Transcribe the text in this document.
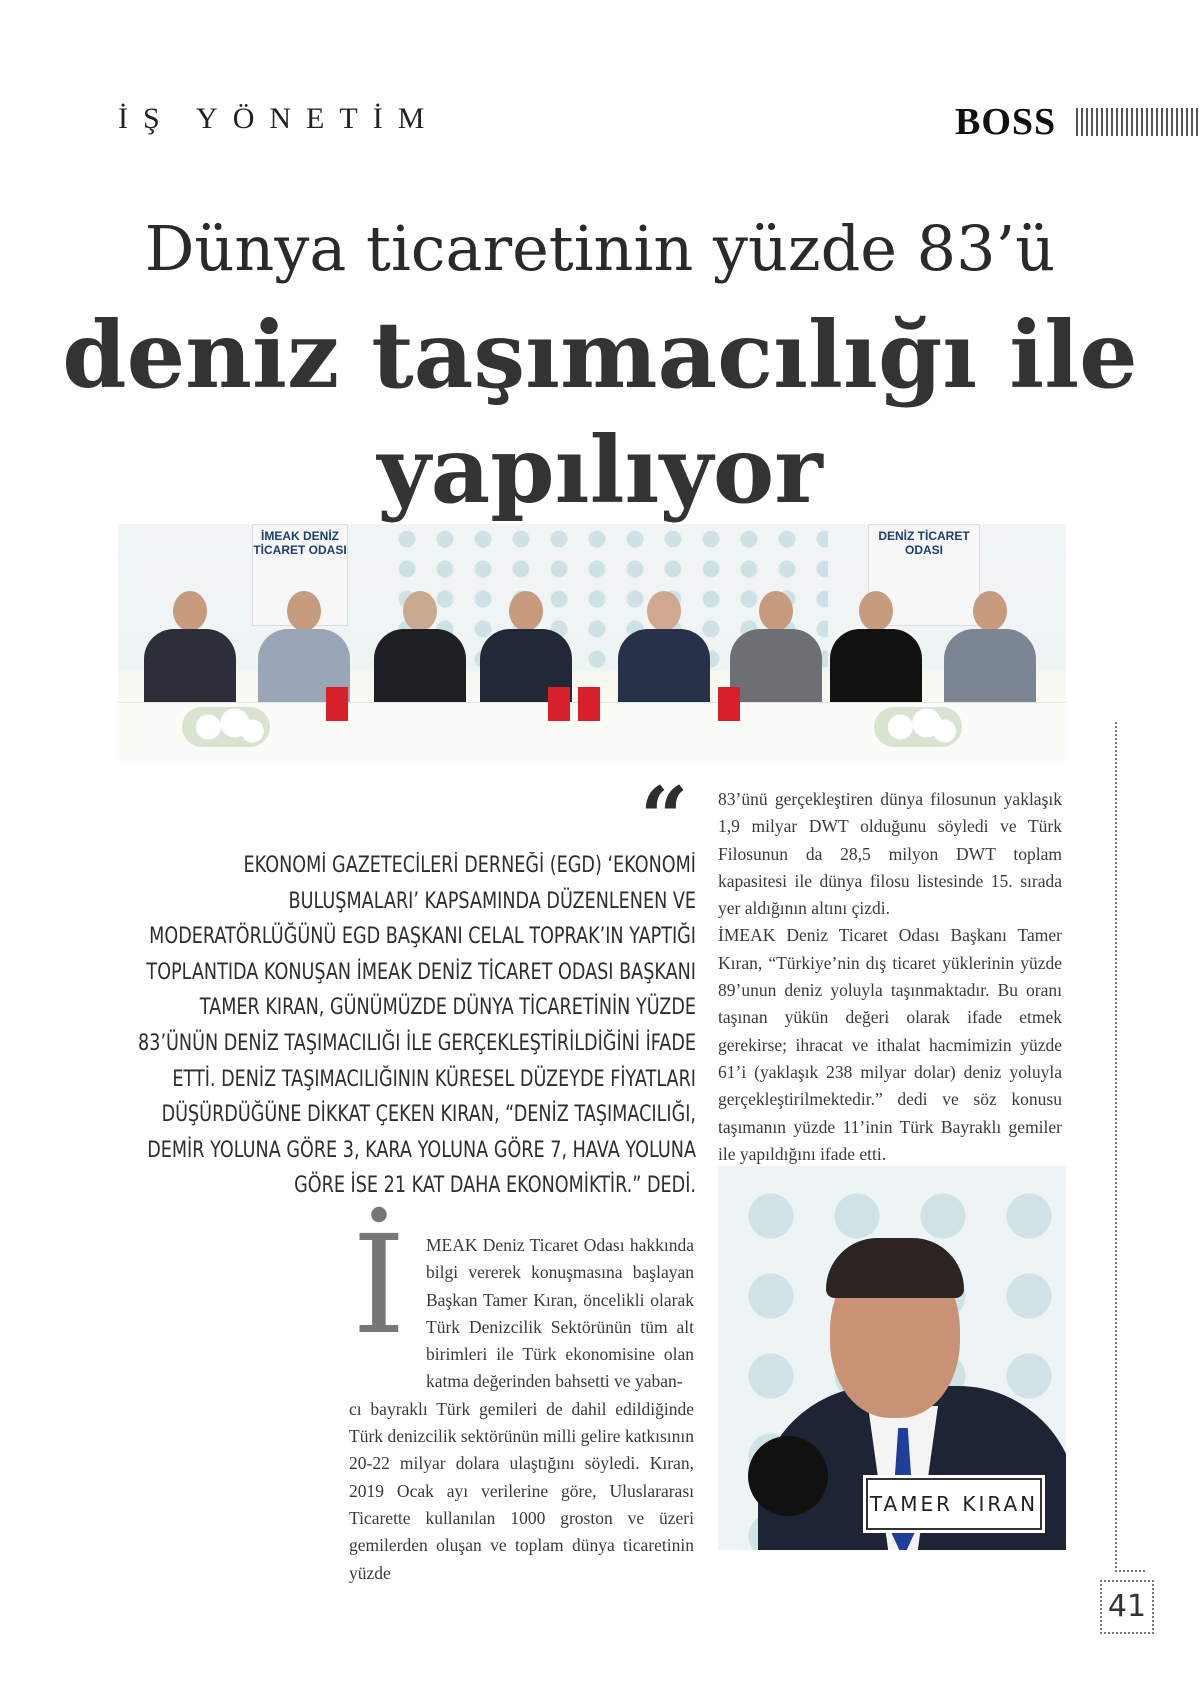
İŞ YÖNETİM	BOSS
Dünya ticaretinin yüzde 83’ü
deniz taşımacılığı ile
yapılıyor
İMEAK DENİZ TİCARET ODASI
DENİZ TİCARET ODASI
“
EKONOMİ GAZETECİLERİ DERNEĞİ (EGD) ‘EKONOMİ BULUŞMALARI’ KAPSAMINDA DÜZENLENEN VE MODERATÖRLÜĞÜNÜ EGD BAŞKANI CELAL TOPRAK’IN YAPTIĞI TOPLANTIDA KONUŞAN İMEAK DENİZ TİCARET ODASI BAŞKANI TAMER KIRAN, GÜNÜMÜZDE DÜNYA TİCARETİNİN YÜZDE 83’ÜNÜN DENİZ TAŞIMACILIĞI İLE GERÇEKLEŞTİRİLDİĞİNİ İFADE ETTİ. DENİZ TAŞIMACILIĞININ KÜRESEL DÜZEYDE FİYATLARI DÜŞÜRDÜĞÜNE DİKKAT ÇEKEN KIRAN, “DENİZ TAŞIMACILIĞI, DEMİR YOLUNA GÖRE 3, KARA YOLUNA GÖRE 7, HAVA YOLUNA GÖRE İSE 21 KAT DAHA EKONOMİKTİR.” DEDİ.
İ	MEAK Deniz Ticaret Odası hakkında bilgi vererek konuşmasına başlayan Başkan Tamer Kıran, öncelikli olarak Türk Denizcilik Sektörünün tüm alt birimleri ile Türk ekonomisine olan katma değerinden bahsetti ve yaban-
cı bayraklı Türk gemileri de dahil edildiğinde Türk denizcilik sektörünün milli gelire katkısının 20-22 milyar dolara ulaştığını söyledi. Kıran, 2019 Ocak ayı verilerine göre, Uluslararası Ticarette kullanılan 1000 groston ve üzeri gemilerden oluşan ve toplam dünya ticaretinin yüzde

83’ünü gerçekleştiren dünya filosunun yaklaşık 1,9 milyar DWT olduğunu söyledi ve Türk Filosunun da 28,5 milyon DWT toplam kapasitesi ile dünya filosu listesinde 15. sırada yer aldığının altını çizdi.

İMEAK Deniz Ticaret Odası Başkanı Tamer Kıran, “Türkiye’nin dış ticaret yüklerinin yüzde 89’unun deniz yoluyla taşınmaktadır. Bu oranı taşınan yükün değeri olarak ifade etmek gerekirse; ihracat ve ithalat hacmimizin yüzde 61’i (yaklaşık 238 milyar dolar) deniz yoluyla gerçekleştirilmektedir.” dedi ve söz konusu taşımanın yüzde 11’inin Türk Bayraklı gemiler ile yapıldığını ifade etti.

TAMER KIRAN
41
